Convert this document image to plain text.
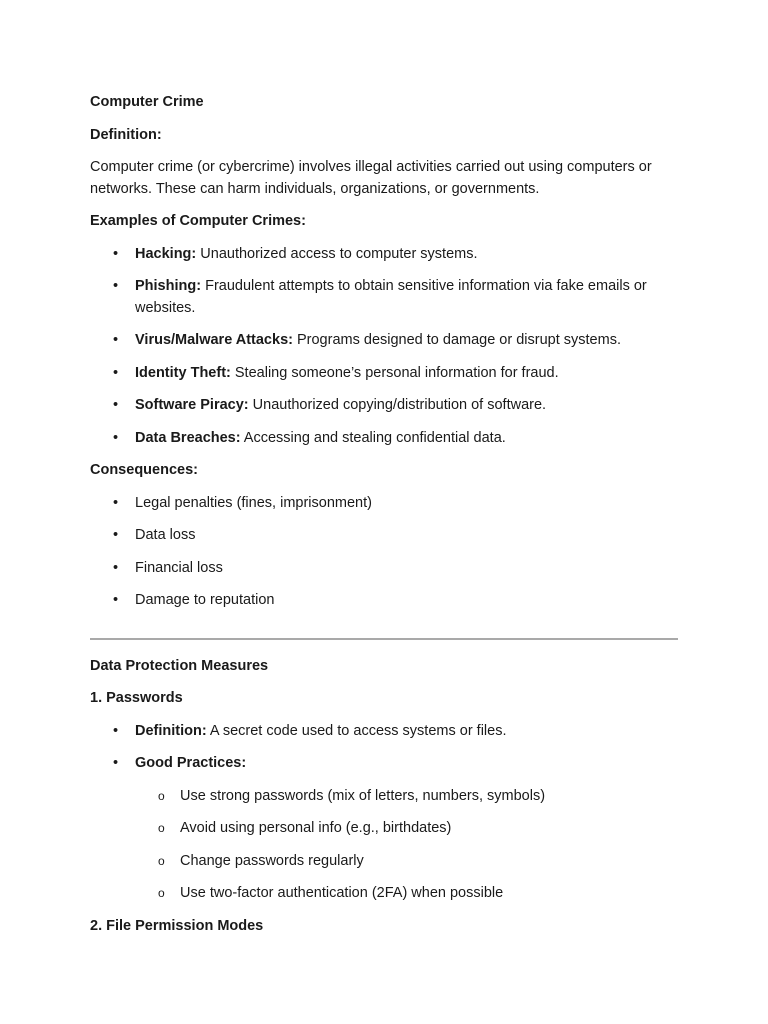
Computer Crime

Definition:

Computer crime (or cybercrime) involves illegal activities carried out using computers or networks. These can harm individuals, organizations, or governments.

Examples of Computer Crimes:

• Hacking: Unauthorized access to computer systems.
• Phishing: Fraudulent attempts to obtain sensitive information via fake emails or websites.
• Virus/Malware Attacks: Programs designed to damage or disrupt systems.
• Identity Theft: Stealing someone’s personal information for fraud.
• Software Piracy: Unauthorized copying/distribution of software.
• Data Breaches: Accessing and stealing confidential data.

Consequences:

• Legal penalties (fines, imprisonment)
• Data loss
• Financial loss
• Damage to reputation

Data Protection Measures

1. Passwords

• Definition: A secret code used to access systems or files.
• Good Practices:
o Use strong passwords (mix of letters, numbers, symbols)
o Avoid using personal info (e.g., birthdates)
o Change passwords regularly
o Use two-factor authentication (2FA) when possible

2. File Permission Modes
